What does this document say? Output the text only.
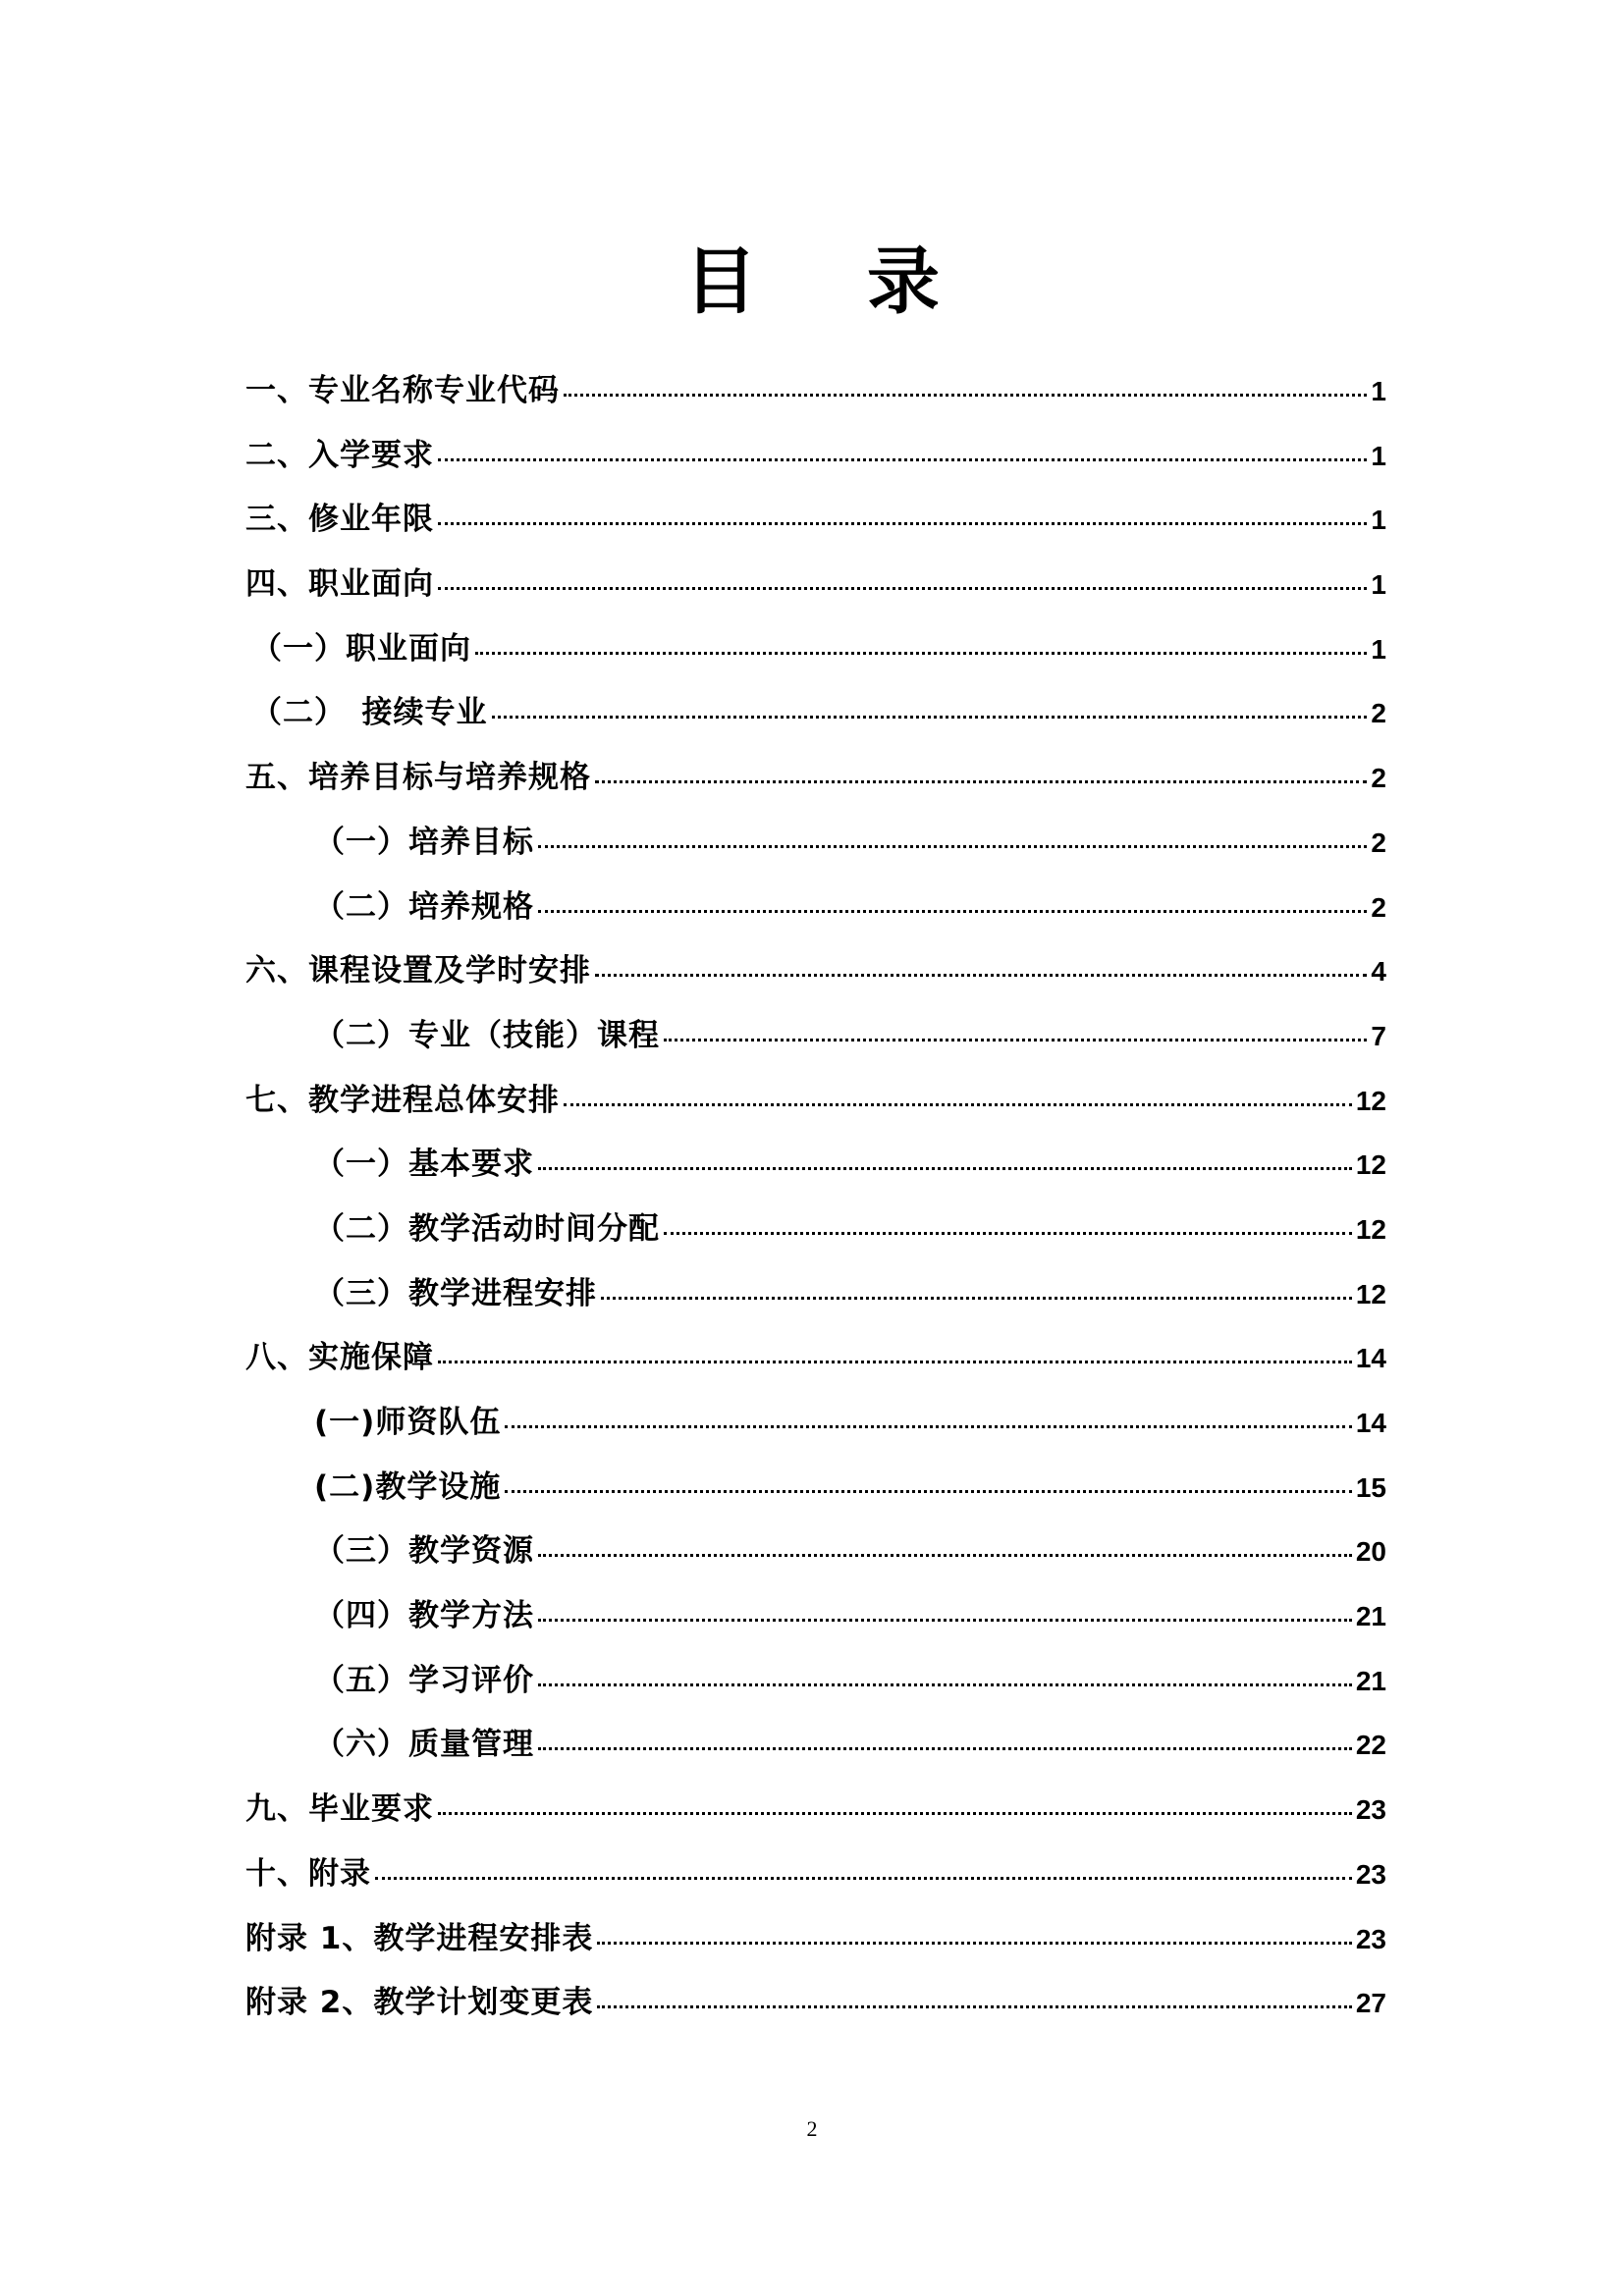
目录
一、专业名称专业代码	1
二、入学要求	1
三、修业年限	1
四、职业面向	1
（一）职业面向	1
（二）　接续专业	2
五、培养目标与培养规格	2
（一）培养目标	2
（二）培养规格	2
六、课程设置及学时安排	4
（二）专业（技能）课程	7
七、教学进程总体安排	12
（一）基本要求	12
（二）教学活动时间分配	12
（三）教学进程安排	12
八、实施保障	14
(一)师资队伍	14
(二)教学设施	15
（三）教学资源	20
（四）教学方法	21
（五）学习评价	21
（六）质量管理	22
九、毕业要求	23
十、附录	23
附录 1、教学进程安排表	23
附录 2、教学计划变更表	27
2
